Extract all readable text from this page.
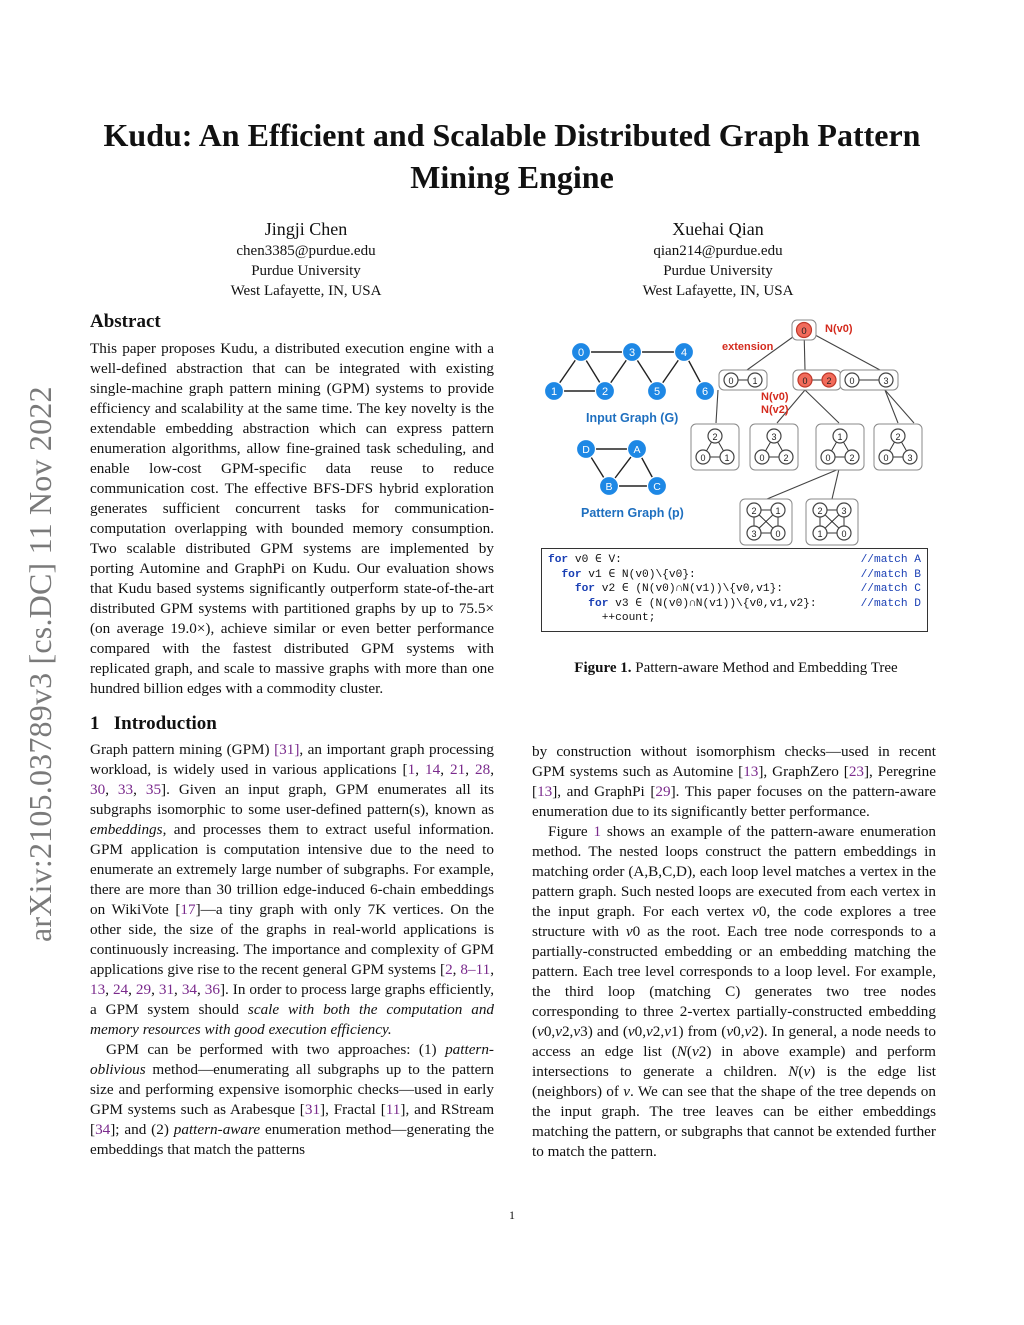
Kudu: An Efficient and Scalable Distributed Graph Pattern Mining Engine
Jingji Chen
chen3385@purdue.edu
Purdue University
West Lafayette, IN, USA
Xuehai Qian
qian214@purdue.edu
Purdue University
West Lafayette, IN, USA
arXiv:2105.03789v3 [cs.DC] 11 Nov 2022
Abstract

This paper proposes Kudu, a distributed execution engine with a well-defined abstraction that can be integrated with existing single-machine graph pattern mining (GPM) systems to provide efficiency and scalability at the same time. The key novelty is the extendable embedding abstraction which can express pattern enumeration algorithms, allow fine-grained task scheduling, and enable low-cost GPM-specific data reuse to reduce communication cost. The effective BFS-DFS hybrid exploration generates sufficient concurrent tasks for communication-computation overlapping with bounded memory consumption. Two scalable distributed GPM systems are implemented by porting Automine and GraphPi on Kudu. Our evaluation shows that Kudu based systems significantly outperform state-of-the-art distributed GPM systems with partitioned graphs by up to 75.5× (on average 19.0×), achieve similar or even better performance compared with the fastest distributed GPM systems with replicated graph, and scale to massive graphs with more than one hundred billion edges with a commodity cluster.

1   Introduction

Graph pattern mining (GPM) [31], an important graph processing workload, is widely used in various applications [1, 14, 21, 28, 30, 33, 35]. Given an input graph, GPM enumerates all its subgraphs isomorphic to some user-defined pattern(s), known as embeddings, and processes them to extract useful information. GPM application is computation intensive due to the need to enumerate an extremely large number of subgraphs. For example, there are more than 30 trillion edge-induced 6-chain embeddings on WikiVote [17]—a tiny graph with only 7K vertices. On the other side, the size of the graphs in real-world applications is continuously increasing. The importance and complexity of GPM applications give rise to the recent general GPM systems [2, 8–11, 13, 24, 29, 31, 34, 36]. In order to process large graphs efficiently, a GPM system should scale with both the computation and memory resources with good execution efficiency.

GPM can be performed with two approaches: (1) pattern-oblivious method—enumerating all subgraphs up to the pattern size and performing expensive isomorphic checks—used in early GPM systems such as Arabesque [31], Fractal [11], and RStream [34]; and (2) pattern-aware enumeration method—generating the embeddings that match the patterns

by construction without isomorphism checks—used in recent GPM systems such as Automine [13], GraphZero [23], Peregrine [13], and GraphPi [29]. This paper focuses on the pattern-aware enumeration due to its significantly better performance.

Figure 1 shows an example of the pattern-aware enumeration method. The nested loops construct the pattern embeddings in matching order (A,B,C,D), each loop level matches a vertex in the pattern graph. Such nested loops are executed from each vertex in the input graph. For each vertex v0, the code explores a tree structure with v0 as the root. Each tree node corresponds to a partially-constructed embedding or an embedding matching the pattern. Each tree level corresponds to a loop level. For example, the third loop (matching C) generates two tree nodes corresponding to three 2-vertex partially-constructed embedding (v0,v2,v3) and (v0,v2,v1) from (v0,v2). In general, a node needs to access an edge list (N(v2) in above example) and perform intersections to generate a children. N(v) is the edge list (neighbors) of v. We can see that the shape of the tree depends on the input graph. The tree leaves can be either embeddings matching the pattern, or subgraphs that cannot be extended further to match the pattern.

0	3	4
1	2	5	6
D	A
B	C
Input Graph (G)
Pattern Graph (p)
0
0 1	0 2 0	3
2
0 1
3
0 2
1
0 2
2
0 3
2 1
3 0
2 3
1 0
extension
N(v0)
N(v0)
N(v2)
for v0 ∈ V:	//match A
for v1 ∈ N(v0)\{v0}:	//match B
for v2 ∈ (N(v0)∩N(v1))\{v0,v1}:	//match C
for v3 ∈ (N(v0)∩N(v1))\{v0,v1,v2}:	//match D
++count;
Figure 1. Pattern-aware Method and Embedding Tree
1
